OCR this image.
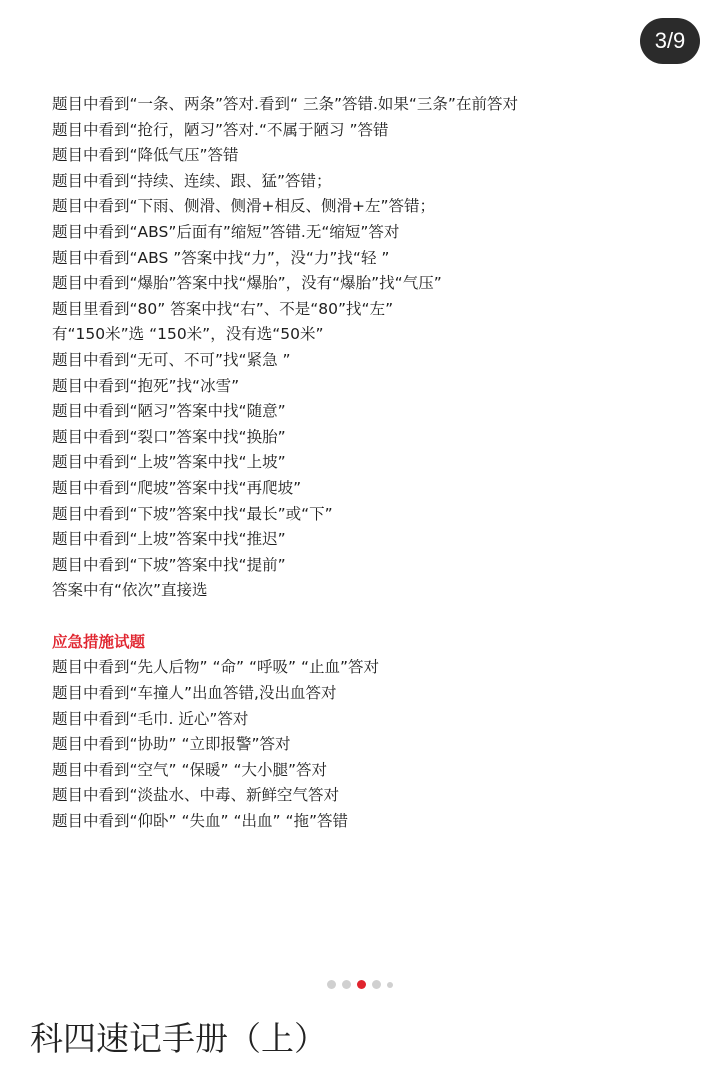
3/9
题目中看到“一条、两条”答对.看到“ 三条”答错.如果“三条”在前答对
题目中看到“抢行，陋习”答对.“不属于陋习 ”答错
题目中看到“降低气压”答错
题目中看到“持续、连续、跟、猛”答错；
题目中看到“下雨、侧滑、侧滑+相反、侧滑+左”答错；
题目中看到“ABS”后面有”缩短”答错.无“缩短”答对
题目中看到“ABS ”答案中找“力”，没“力”找“轻 ”
题目中看到“爆胎”答案中找“爆胎”，没有“爆胎”找“气压”
题目里看到“80” 答案中找“右”、不是“80”找“左”
有“150米”选 “150米”，没有选“50米”
题目中看到“无可、不可”找“紧急 ”
题目中看到“抱死”找“冰雪”
题目中看到“陋习”答案中找“随意”
题目中看到“裂口”答案中找“换胎”
题目中看到“上坡”答案中找“上坡”
题目中看到“爬坡”答案中找“再爬坡”
题目中看到“下坡”答案中找“最长”或“下”
题目中看到“上坡”答案中找“推迟”
题目中看到“下坡”答案中找“提前”
答案中有“依次”直接选
应急措施试题
题目中看到“先人后物” “命” “呼吸” “止血”答对
题目中看到“车撞人”出血答错,没出血答对
题目中看到“毛巾. 近心”答对
题目中看到“协助” “立即报警”答对
题目中看到“空气” “保暖” “大小腿”答对
题目中看到“淡盐水、中毒、新鲜空气答对
题目中看到“仰卧” “失血” “出血” “拖”答错
科四速记手册（上）
